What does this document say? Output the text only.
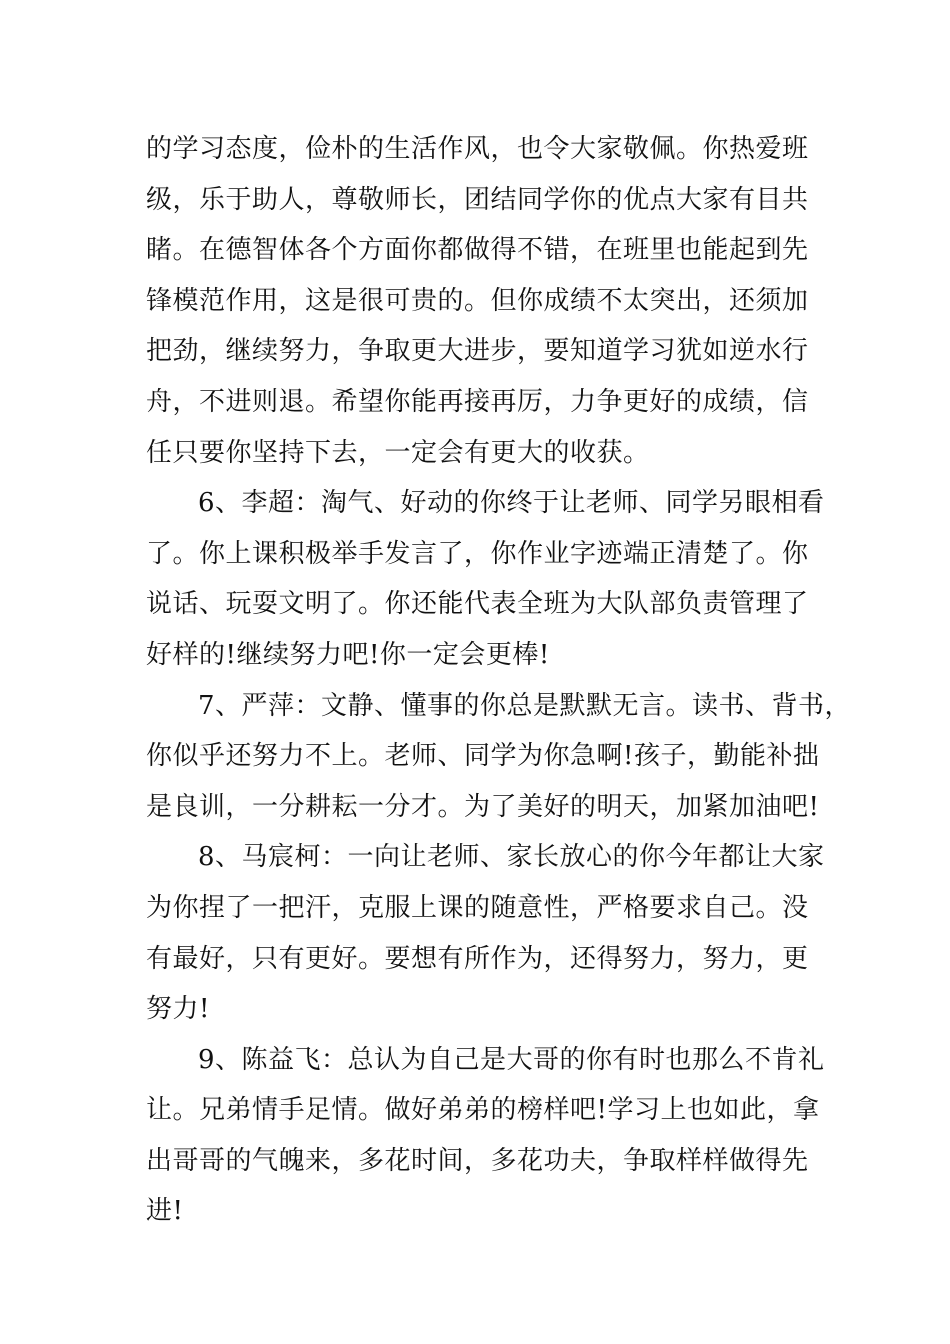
的学习态度，俭朴的生活作风，也令大家敬佩。你热爱班
级，乐于助人，尊敬师长，团结同学你的优点大家有目共
睹。在德智体各个方面你都做得不错，在班里也能起到先
锋模范作用，这是很可贵的。但你成绩不太突出，还须加
把劲，继续努力，争取更大进步，要知道学习犹如逆水行
舟，不进则退。希望你能再接再厉，力争更好的成绩，信
任只要你坚持下去，一定会有更大的收获。
6、李超：淘气、好动的你终于让老师、同学另眼相看
了。你上课积极举手发言了，你作业字迹端正清楚了。你
说话、玩耍文明了。你还能代表全班为大队部负责管理了
好样的!继续努力吧!你一定会更棒!
7、严萍：文静、懂事的你总是默默无言。读书、背书，
你似乎还努力不上。老师、同学为你急啊!孩子，勤能补拙
是良训，一分耕耘一分才。为了美好的明天，加紧加油吧!
8、马宸柯：一向让老师、家长放心的你今年都让大家
为你捏了一把汗，克服上课的随意性，严格要求自己。没
有最好，只有更好。要想有所作为，还得努力，努力，更
努力!
9、陈益飞：总认为自己是大哥的你有时也那么不肯礼
让。兄弟情手足情。做好弟弟的榜样吧!学习上也如此，拿
出哥哥的气魄来，多花时间，多花功夫，争取样样做得先
进!
